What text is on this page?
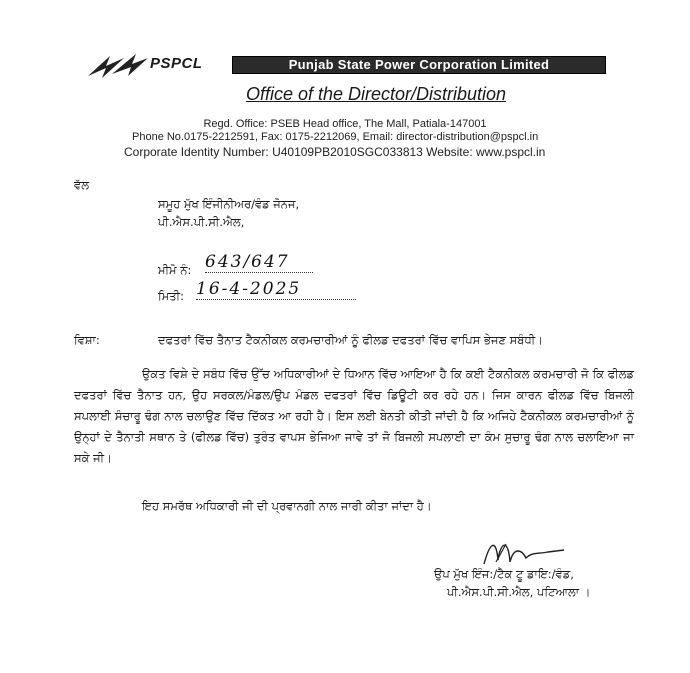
PSPCL	Punjab State Power Corporation Limited
Office of the Director/Distribution
Regd. Office: PSEB Head office, The Mall, Patiala-147001
Phone No.0175-2212591, Fax: 0175-2212069, Email: director-distribution@pspcl.in
Corporate Identity Number: U40109PB2010SGC033813 Website: www.pspcl.in
ਵੱਲ
ਸਮੂਹ ਮੁੱਖ ਇੰਜੀਨੀਅਰ/ਵੰਡ ਜੋਨਜ,
ਪੀ.ਐਸ.ਪੀ.ਸੀ.ਐਲ,
ਮੀਮੋ ਨੰ: 643/647
ਮਿਤੀ: 16-4-2025
ਵਿਸ਼ਾ:	ਦਫਤਰਾਂ ਵਿੱਚ ਤੈਨਾਤ ਟੈਕਨੀਕਲ ਕਰਮਚਾਰੀਆਂ ਨੂੰ ਫੀਲਡ ਦਫਤਰਾਂ ਵਿੱਚ ਵਾਪਿਸ ਭੇਜਣ ਸਬੰਧੀ।
ਉਕਤ ਵਿਸ਼ੇ ਦੇ ਸਬੰਧ ਵਿੱਚ ਉੱਚ ਅਧਿਕਾਰੀਆਂ ਦੇ ਧਿਆਨ ਵਿੱਚ ਆਇਆ ਹੈ ਕਿ ਕਈ ਟੈਕਨੀਕਲ ਕਰਮਚਾਰੀ ਜੋ ਕਿ ਫੀਲਡ ਦਫਤਰਾਂ ਵਿੱਚ ਤੈਨਾਤ ਹਨ, ਉਹ ਸਰਕਲ/ਮੰਡਲ/ਉਪ ਮੰਡਲ ਦਫਤਰਾਂ ਵਿੱਚ ਡਿਊਟੀ ਕਰ ਰਹੇ ਹਨ। ਜਿਸ ਕਾਰਨ ਫੀਲਡ ਵਿੱਚ ਬਿਜਲੀ ਸਪਲਾਈ ਸੰਚਾਰੂ ਢੰਗ ਨਾਲ ਚਲਾਉਣ ਵਿੱਚ ਦਿੱਕਤ ਆ ਰਹੀ ਹੈ। ਇਸ ਲਈ ਬੇਨਤੀ ਕੀਤੀ ਜਾਂਦੀ ਹੈ ਕਿ ਅਜਿਹੇ ਟੈਕਨੀਕਲ ਕਰਮਚਾਰੀਆਂ ਨੂੰ ਉਨ੍ਹਾਂ ਦੇ ਤੈਨਾਤੀ ਸਥਾਨ ਤੇ (ਫੀਲਡ ਵਿੱਚ) ਤੁਰੰਤ ਵਾਪਸ ਭੇਜਿਆ ਜਾਵੇ ਤਾਂ ਜੋ ਬਿਜਲੀ ਸਪਲਾਈ ਦਾ ਕੰਮ ਸੁਚਾਰੂ ਢੰਗ ਨਾਲ ਚਲਾਇਆ ਜਾ ਸਕੇ ਜੀ।
ਇਹ ਸਮਰੱਥ ਅਧਿਕਾਰੀ ਜੀ ਦੀ ਪ੍ਰਵਾਨਗੀ ਨਾਲ ਜਾਰੀ ਕੀਤਾ ਜਾਂਦਾ ਹੈ।
ਉਪ ਮੁੱਖ ਇੰਜ:/ਟੈਕ ਟੂ ਡਾਇ:/ਵੰਡ,
ਪੀ.ਐਸ.ਪੀ.ਸੀ.ਐਲ, ਪਟਿਆਲਾ ।
